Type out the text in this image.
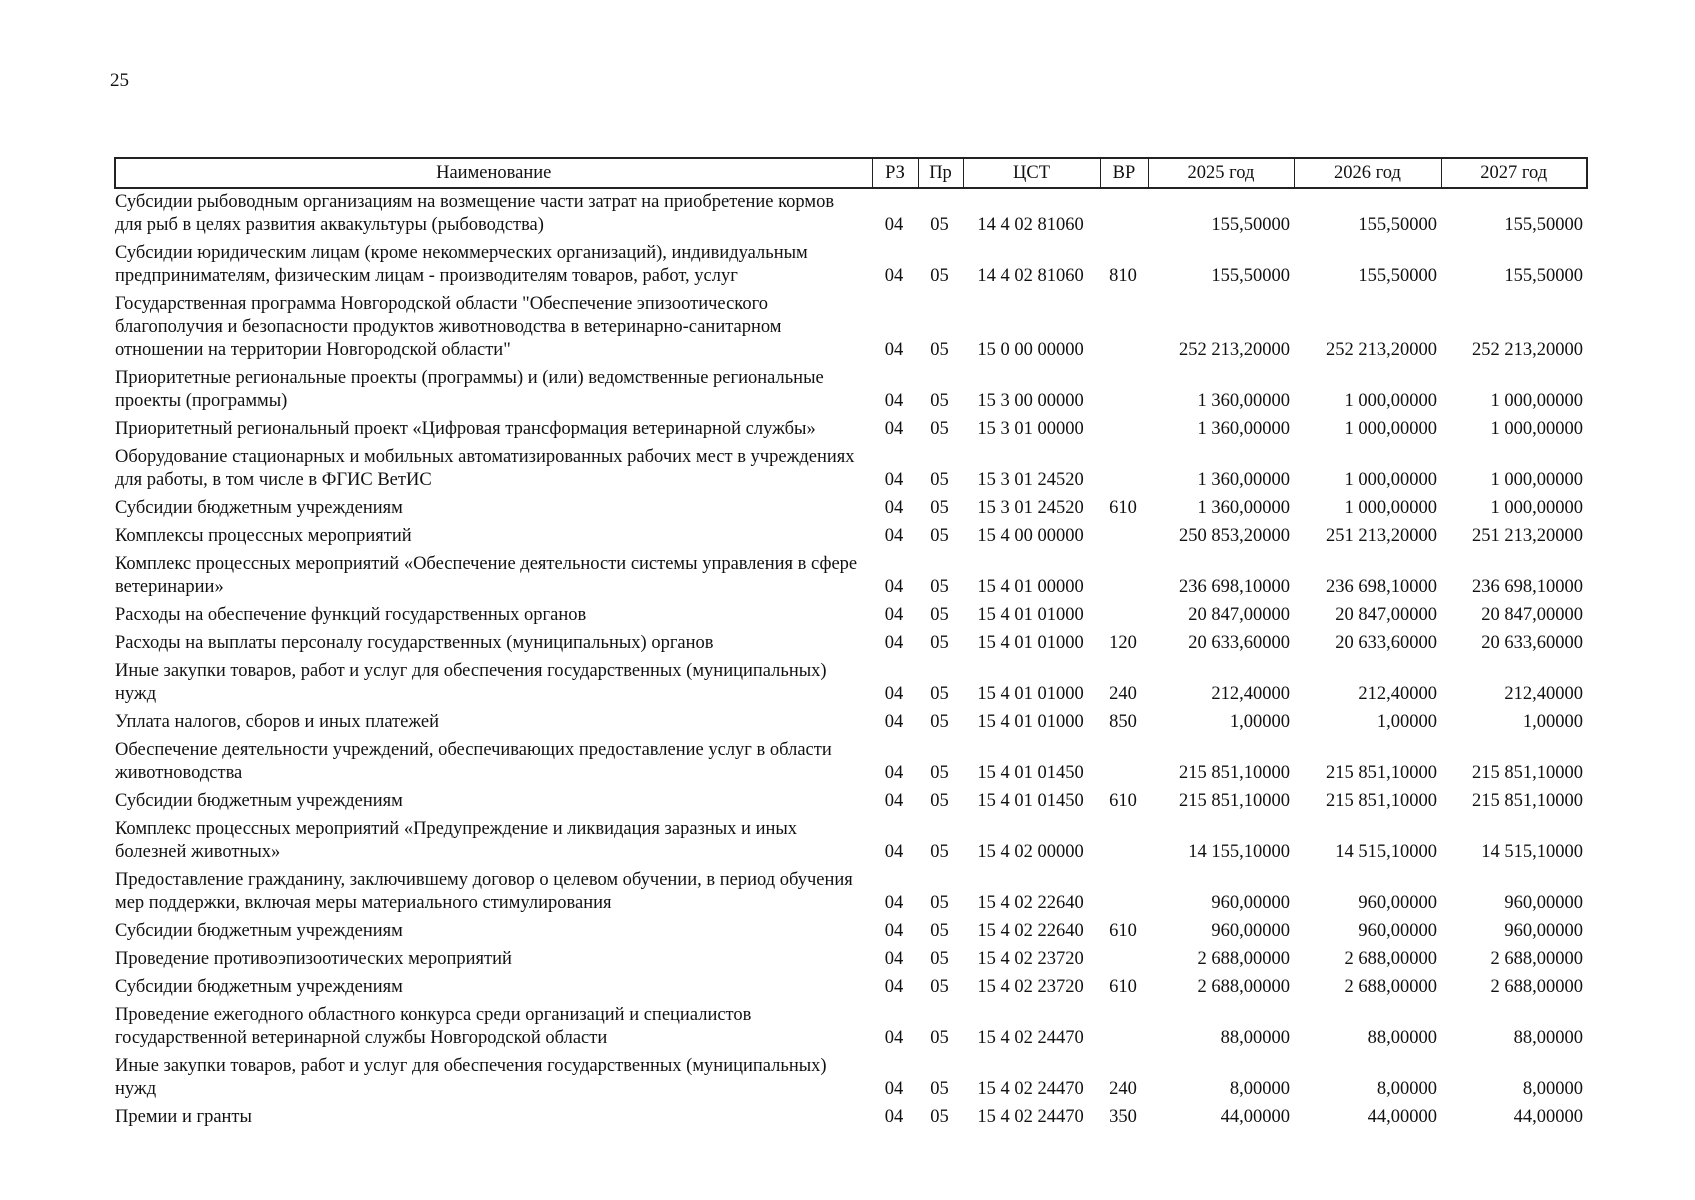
25
Наименование	РЗ	Пр	ЦСТ	ВР	2025 год	2026 год	2027 год
Субсидии рыбоводным организациям на возмещение части затрат на приобретение кормов для рыб в целях развития аквакультуры (рыбоводства)	04	05	14 4 02 81060		155,50000	155,50000	155,50000
Субсидии юридическим лицам (кроме некоммерческих организаций), индивидуальным предпринимателям, физическим лицам - производителям товаров, работ, услуг	04	05	14 4 02 81060	810	155,50000	155,50000	155,50000
Государственная программа Новгородской области "Обеспечение эпизоотического благополучия и безопасности продуктов животноводства в ветеринарно-санитарном отношении на территории Новгородской области"	04	05	15 0 00 00000		252 213,20000	252 213,20000	252 213,20000
Приоритетные региональные проекты (программы) и (или) ведомственные региональные проекты (программы)	04	05	15 3 00 00000		1 360,00000	1 000,00000	1 000,00000
Приоритетный региональный проект «Цифровая трансформация ветеринарной службы»	04	05	15 3 01 00000		1 360,00000	1 000,00000	1 000,00000
Оборудование стационарных и мобильных автоматизированных рабочих мест в учреждениях для работы, в том числе в ФГИС ВетИС	04	05	15 3 01 24520		1 360,00000	1 000,00000	1 000,00000
Субсидии бюджетным учреждениям	04	05	15 3 01 24520	610	1 360,00000	1 000,00000	1 000,00000
Комплексы процессных мероприятий	04	05	15 4 00 00000		250 853,20000	251 213,20000	251 213,20000
Комплекс процессных мероприятий «Обеспечение деятельности системы управления в сфере ветеринарии»	04	05	15 4 01 00000		236 698,10000	236 698,10000	236 698,10000
Расходы на обеспечение функций государственных органов	04	05	15 4 01 01000		20 847,00000	20 847,00000	20 847,00000
Расходы на выплаты персоналу государственных (муниципальных) органов	04	05	15 4 01 01000	120	20 633,60000	20 633,60000	20 633,60000
Иные закупки товаров, работ и услуг для обеспечения государственных (муниципальных) нужд	04	05	15 4 01 01000	240	212,40000	212,40000	212,40000
Уплата налогов, сборов и иных платежей	04	05	15 4 01 01000	850	1,00000	1,00000	1,00000
Обеспечение деятельности учреждений, обеспечивающих предоставление услуг в области животноводства	04	05	15 4 01 01450		215 851,10000	215 851,10000	215 851,10000
Субсидии бюджетным учреждениям	04	05	15 4 01 01450	610	215 851,10000	215 851,10000	215 851,10000
Комплекс процессных мероприятий «Предупреждение и ликвидация заразных и иных болезней животных»	04	05	15 4 02 00000		14 155,10000	14 515,10000	14 515,10000
Предоставление гражданину, заключившему договор о целевом обучении, в период обучения мер поддержки, включая меры материального стимулирования	04	05	15 4 02 22640		960,00000	960,00000	960,00000
Субсидии бюджетным учреждениям	04	05	15 4 02 22640	610	960,00000	960,00000	960,00000
Проведение противоэпизоотических мероприятий	04	05	15 4 02 23720		2 688,00000	2 688,00000	2 688,00000
Субсидии бюджетным учреждениям	04	05	15 4 02 23720	610	2 688,00000	2 688,00000	2 688,00000
Проведение ежегодного областного конкурса среди организаций и специалистов государственной ветеринарной службы Новгородской области	04	05	15 4 02 24470		88,00000	88,00000	88,00000
Иные закупки товаров, работ и услуг для обеспечения государственных (муниципальных) нужд	04	05	15 4 02 24470	240	8,00000	8,00000	8,00000
Премии и гранты	04	05	15 4 02 24470	350	44,00000	44,00000	44,00000
